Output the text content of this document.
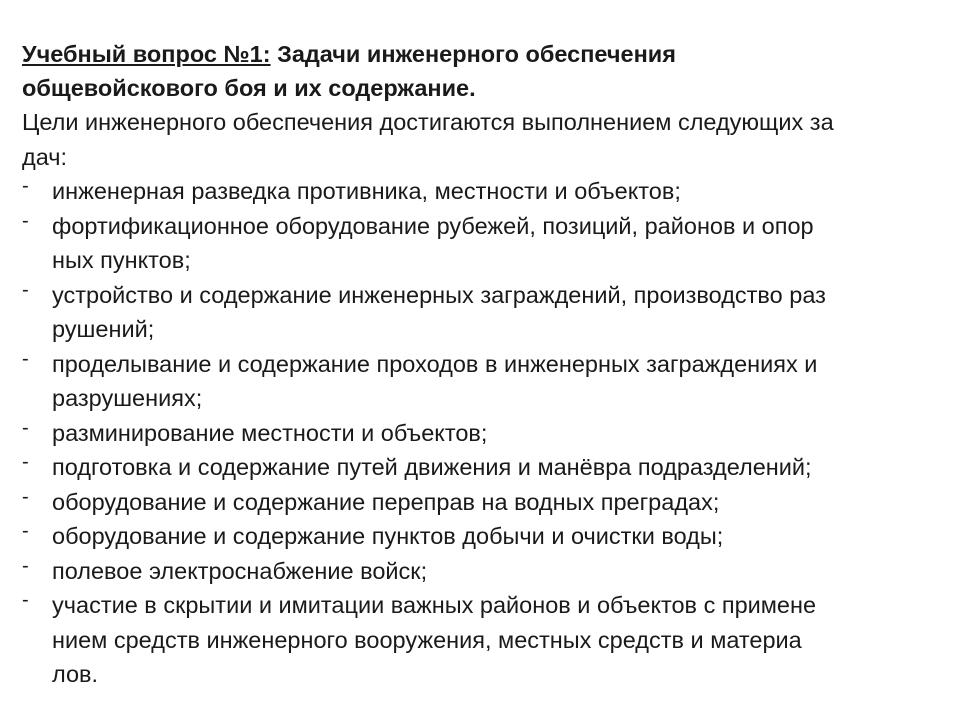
Учебный вопрос №1: Задачи инженерного обеспечения
общевойскового боя и их содержание.

Цели инженерного обеспечения достигаются выполнением следующих за
дач:

- инженерная разведка противника, местности и объектов;
- фортификационное оборудование рубежей, позиций, районов и опор
ных пунктов;
- устройство и содержание инженерных заграждений, производство раз
рушений;
- проделывание и содержание проходов в инженерных заграждениях и
разрушениях;
- разминирование местности и объектов;
- подготовка и содержание путей движения и манёвра подразделений;
- оборудование и содержание переправ на водных преградах;
- оборудование и содержание пунктов добычи и очистки воды;
- полевое электроснабжение войск;
- участие в скрытии и имитации важных районов и объектов с примене
нием средств инженерного вооружения, местных средств и материа
лов.
